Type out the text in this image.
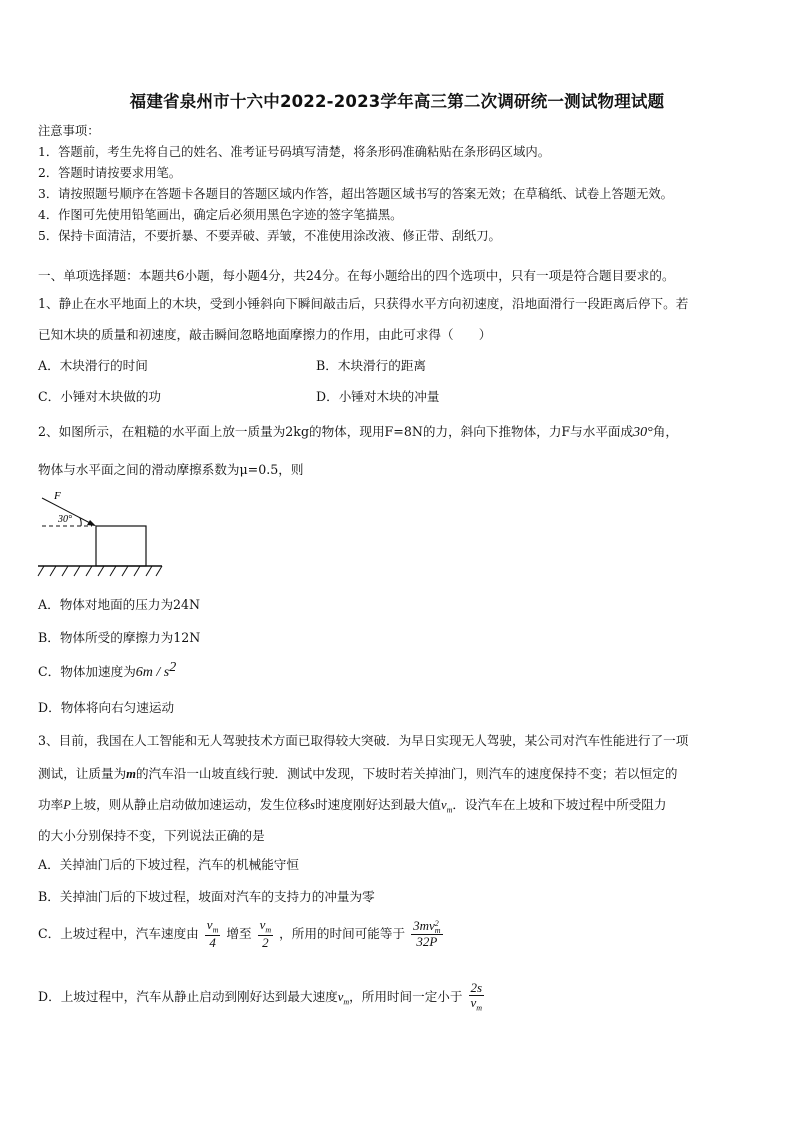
福建省泉州市十六中2022-2023学年高三第二次调研统一测试物理试题
注意事项：
1．答题前，考生先将自己的姓名、准考证号码填写清楚，将条形码准确粘贴在条形码区域内。
2．答题时请按要求用笔。
3．请按照题号顺序在答题卡各题目的答题区域内作答，超出答题区域书写的答案无效；在草稿纸、试卷上答题无效。
4．作图可先使用铅笔画出，确定后必须用黑色字迹的签字笔描黑。
5．保持卡面清洁，不要折暴、不要弄破、弄皱，不准使用涂改液、修正带、刮纸刀。
一、单项选择题：本题共6小题，每小题4分，共24分。在每小题给出的四个选项中，只有一项是符合题目要求的。
1、静止在水平地面上的木块，受到小锤斜向下瞬间敲击后，只获得水平方向初速度，沿地面滑行一段距离后停下。若
已知木块的质量和初速度，敲击瞬间忽略地面摩擦力的作用，由此可求得（　　）
A．木块滑行的时间	B．木块滑行的距离
C．小锤对木块做的功	D．小锤对木块的冲量
2、如图所示，在粗糙的水平面上放一质量为2kg的物体，现用F=8N的力，斜向下推物体，力F与水平面成30°角，
物体与水平面之间的滑动摩擦系数为μ=0.5，则
F
30°
A．物体对地面的压力为24N
B．物体所受的摩擦力为12N
C．物体加速度为$6m / s^2$
D．物体将向右匀速运动
3、目前，我国在人工智能和无人驾驶技术方面已取得较大突破．为早日实现无人驾驶，某公司对汽车性能进行了一项
测试，让质量为m的汽车沿一山坡直线行驶．测试中发现，下坡时若关掉油门，则汽车的速度保持不变；若以恒定的
功率P上坡，则从静止启动做加速运动，发生位移s时速度刚好达到最大值$v_m$．设汽车在上坡和下坡过程中所受阻力
的大小分别保持不变，下列说法正确的是
A．关掉油门后的下坡过程，汽车的机械能守恒
B．关掉油门后的下坡过程，坡面对汽车的支持力的冲量为零
C．上坡过程中，汽车速度由 $\frac{v_m}{4}$ 增至 $\frac{v_m}{2}$ ，所用的时间可能等于 3mv 2
m
32P
D．上坡过程中，汽车从静止启动到刚好达到最大速度$v_m$，所用时间一定小于 $\frac{2s}{v_m}$
